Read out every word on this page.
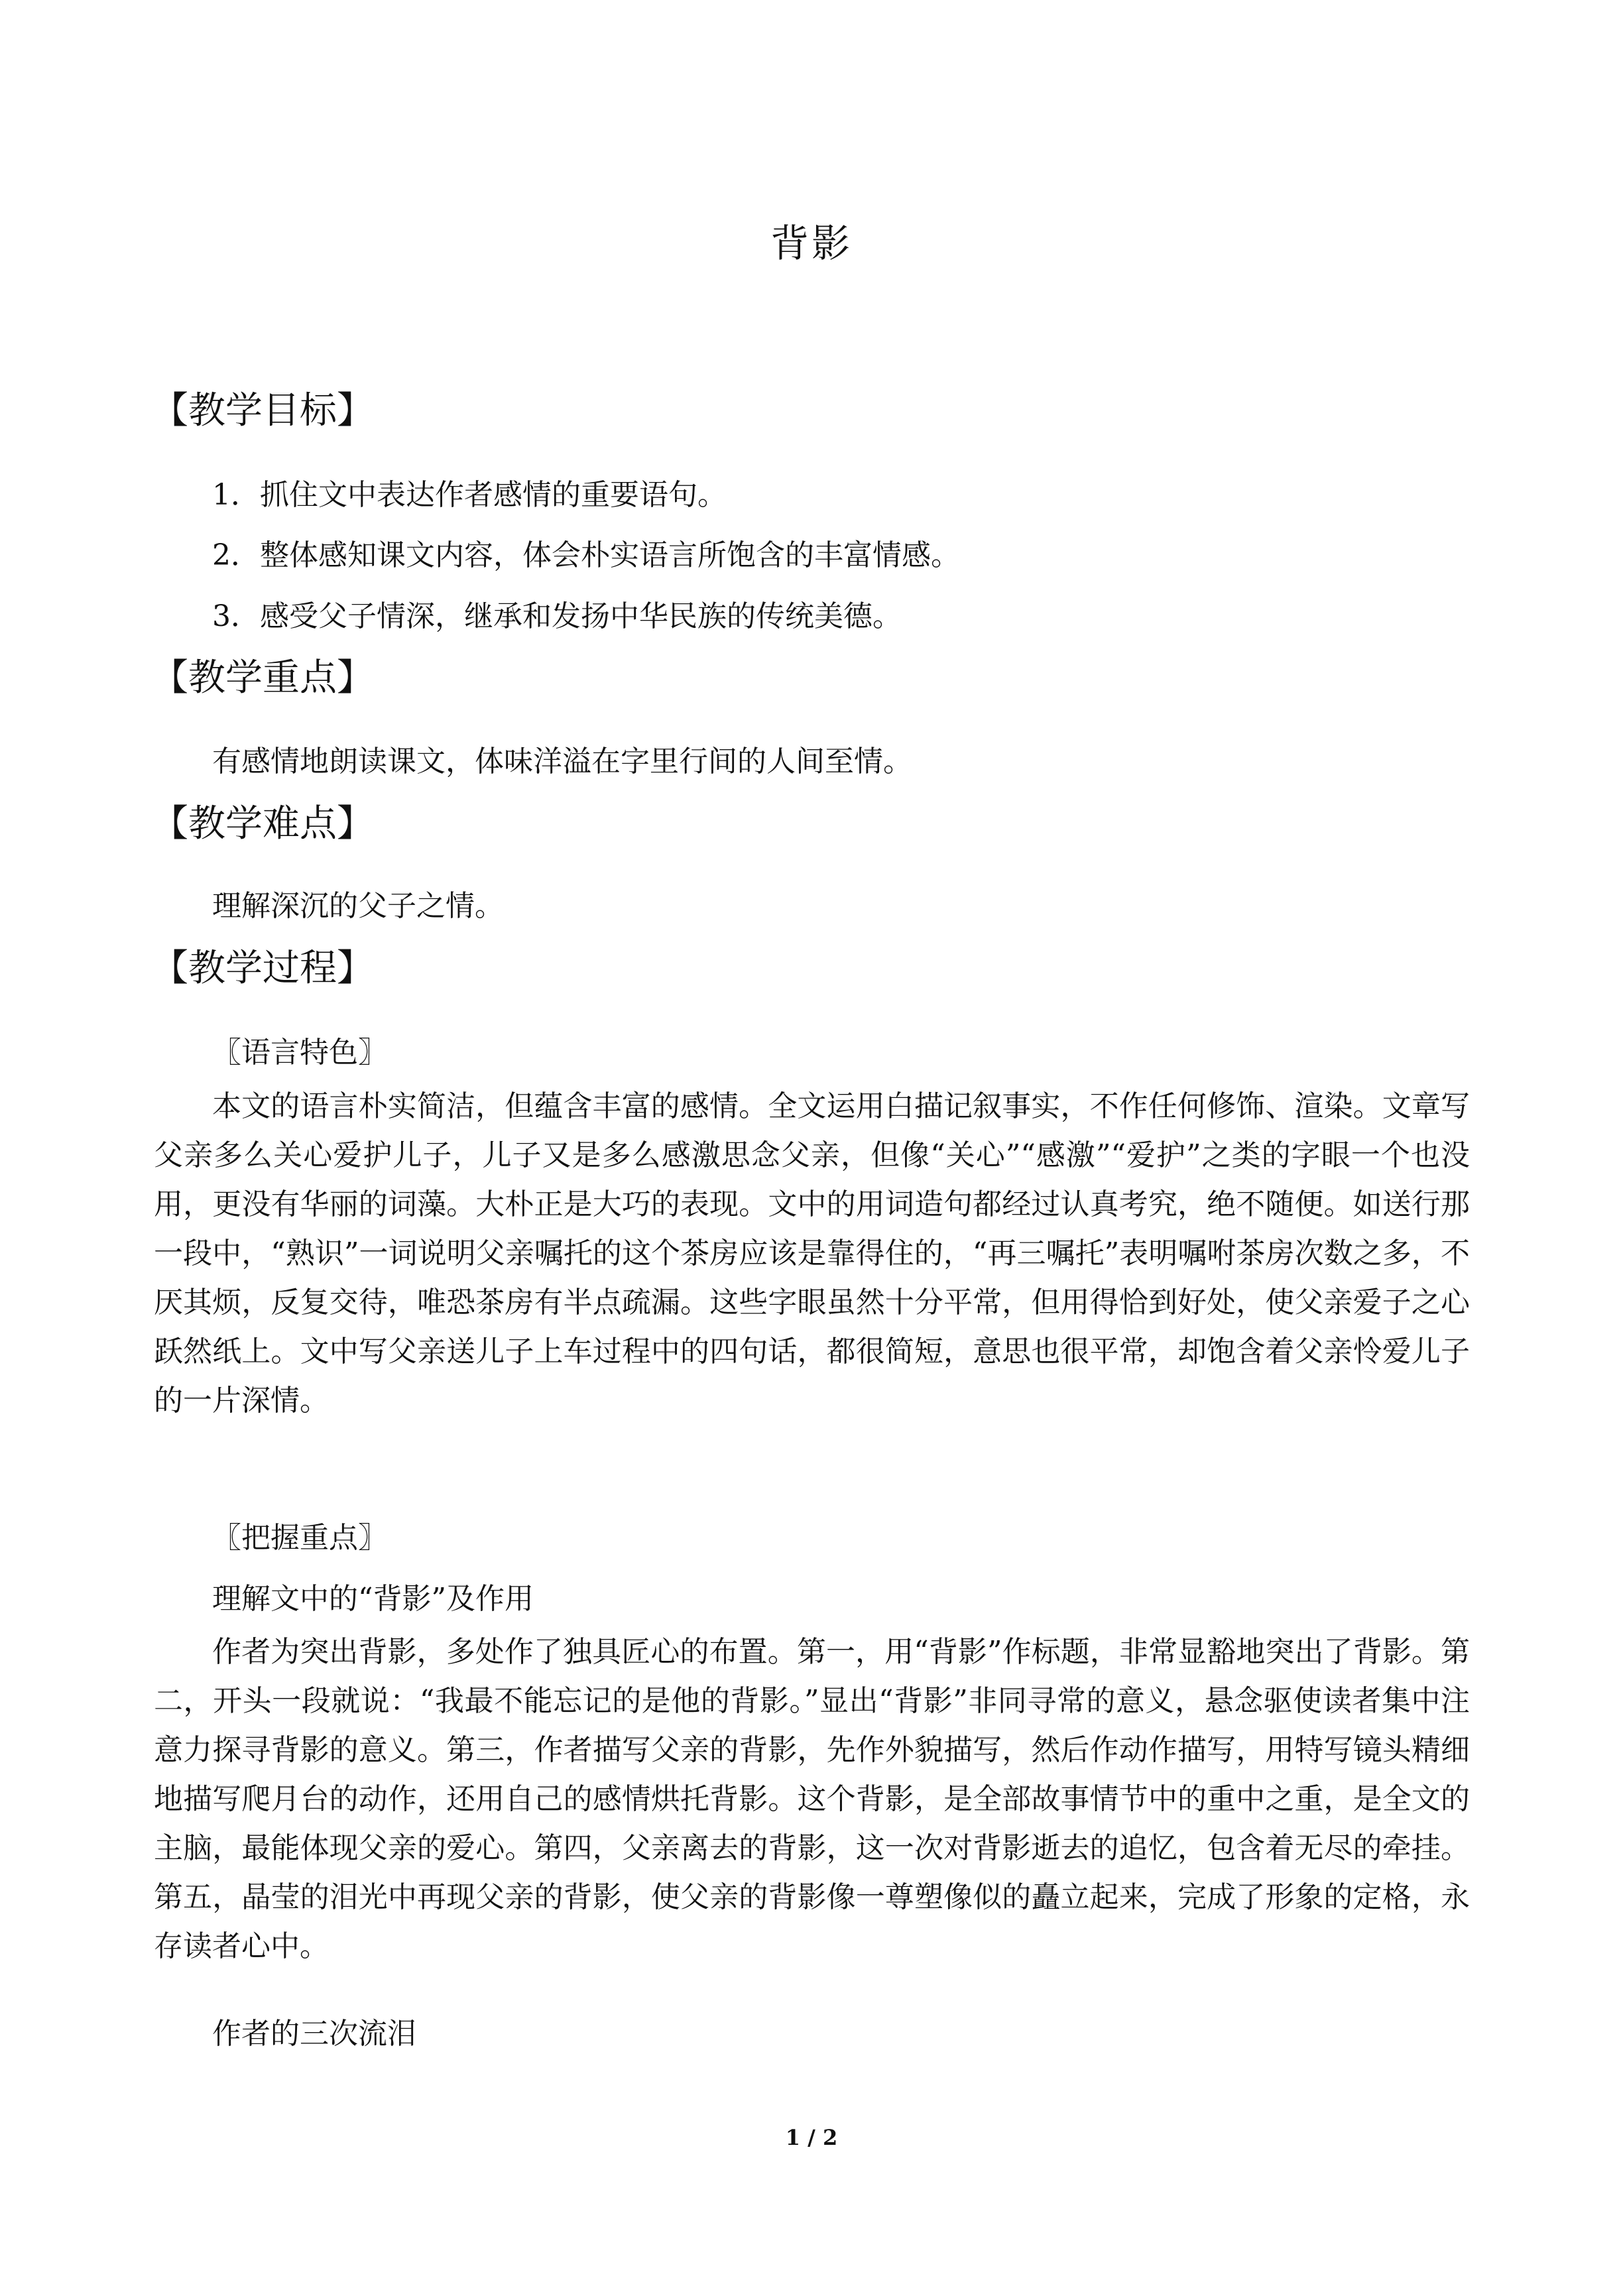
背影
【教学目标】
1．抓住文中表达作者感情的重要语句。
2．整体感知课文内容，体会朴实语言所饱含的丰富情感。
3．感受父子情深，继承和发扬中华民族的传统美德。
【教学重点】
有感情地朗读课文，体味洋溢在字里行间的人间至情。
【教学难点】
理解深沉的父子之情。
【教学过程】
〖语言特色〗

本文的语言朴实简洁，但蕴含丰富的感情。全文运用白描记叙事实，不作任何修饰、渲染。文章写父亲多么关心爱护儿子，儿子又是多么感激思念父亲，但像“关心”“感激”“爱护”之类的字眼一个也没用，更没有华丽的词藻。大朴正是大巧的表现。文中的用词造句都经过认真考究，绝不随便。如送行那一段中，“熟识”一词说明父亲嘱托的这个茶房应该是靠得住的，“再三嘱托”表明嘱咐茶房次数之多，不厌其烦，反复交待，唯恐茶房有半点疏漏。这些字眼虽然十分平常，但用得恰到好处，使父亲爱子之心跃然纸上。文中写父亲送儿子上车过程中的四句话，都很简短，意思也很平常，却饱含着父亲怜爱儿子的一片深情。

〖把握重点〗
理解文中的“背影”及作用

作者为突出背影，多处作了独具匠心的布置。第一，用“背影”作标题，非常显豁地突出了背影。第二，开头一段就说：“我最不能忘记的是他的背影。”显出“背影”非同寻常的意义，悬念驱使读者集中注意力探寻背影的意义。第三，作者描写父亲的背影，先作外貌描写，然后作动作描写，用特写镜头精细地描写爬月台的动作，还用自己的感情烘托背影。这个背影，是全部故事情节中的重中之重，是全文的主脑，最能体现父亲的爱心。第四，父亲离去的背影，这一次对背影逝去的追忆，包含着无尽的牵挂。第五，晶莹的泪光中再现父亲的背影，使父亲的背影像一尊塑像似的矗立起来，完成了形象的定格，永存读者心中。

作者的三次流泪
1 / 2
